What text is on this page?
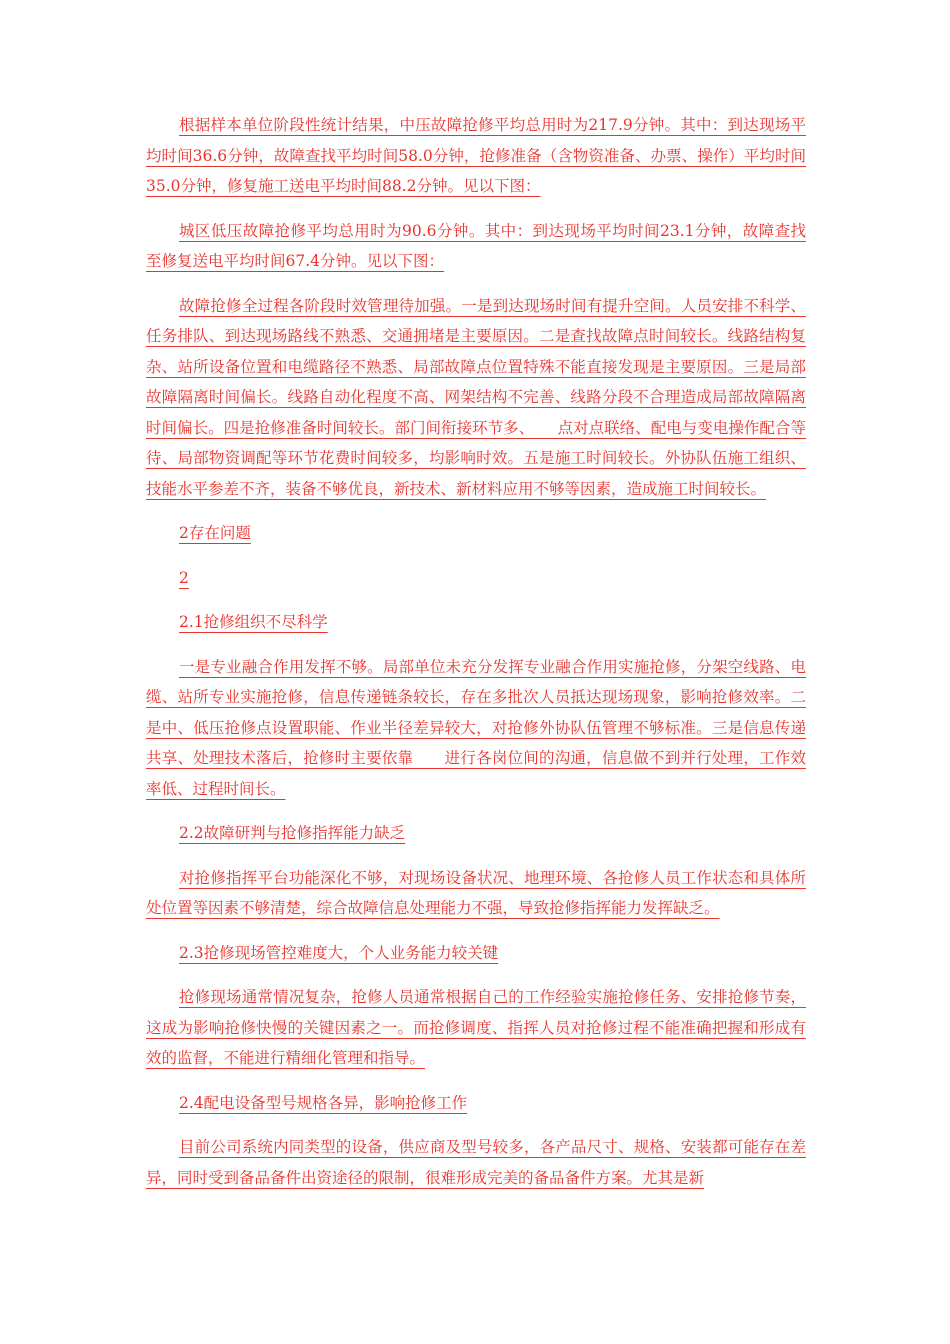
根据样本单位阶段性统计结果，中压故障抢修平均总用时为217.9分钟。其中：到达现场平均时间36.6分钟，故障查找平均时间58.0分钟，抢修准备（含物资准备、办票、操作）平均时间35.0分钟，修复施工送电平均时间88.2分钟。见以下图：

城区低压故障抢修平均总用时为90.6分钟。其中：到达现场平均时间23.1分钟，故障查找至修复送电平均时间67.4分钟。见以下图：

故障抢修全过程各阶段时效管理待加强。一是到达现场时间有提升空间。人员安排不科学、任务排队、到达现场路线不熟悉、交通拥堵是主要原因。二是查找故障点时间较长。线路结构复杂、站所设备位置和电缆路径不熟悉、局部故障点位置特殊不能直接发现是主要原因。三是局部故障隔离时间偏长。线路自动化程度不高、网架结构不完善、线路分段不合理造成局部故障隔离时间偏长。四是抢修准备时间较长。部门间衔接环节多、　　点对点联络、配电与变电操作配合等待、局部物资调配等环节花费时间较多，均影响时效。五是施工时间较长。外协队伍施工组织、技能水平参差不齐，装备不够优良，新技术、新材料应用不够等因素，造成施工时间较长。

2存在问题

2

2.1抢修组织不尽科学

一是专业融合作用发挥不够。局部单位未充分发挥专业融合作用实施抢修，分架空线路、电缆、站所专业实施抢修，信息传递链条较长，存在多批次人员抵达现场现象，影响抢修效率。二是中、低压抢修点设置职能、作业半径差异较大，对抢修外协队伍管理不够标准。三是信息传递共享、处理技术落后，抢修时主要依靠　　进行各岗位间的沟通，信息做不到并行处理，工作效率低、过程时间长。

2.2故障研判与抢修指挥能力缺乏

对抢修指挥平台功能深化不够，对现场设备状况、地理环境、各抢修人员工作状态和具体所处位置等因素不够清楚，综合故障信息处理能力不强，导致抢修指挥能力发挥缺乏。

2.3抢修现场管控难度大，个人业务能力较关键

抢修现场通常情况复杂，抢修人员通常根据自己的工作经验实施抢修任务、安排抢修节奏，这成为影响抢修快慢的关键因素之一。而抢修调度、指挥人员对抢修过程不能准确把握和形成有效的监督，不能进行精细化管理和指导。

2.4配电设备型号规格各异，影响抢修工作

目前公司系统内同类型的设备，供应商及型号较多，各产品尺寸、规格、安装都可能存在差异，同时受到备品备件出资途径的限制，很难形成完美的备品备件方案。尤其是新
